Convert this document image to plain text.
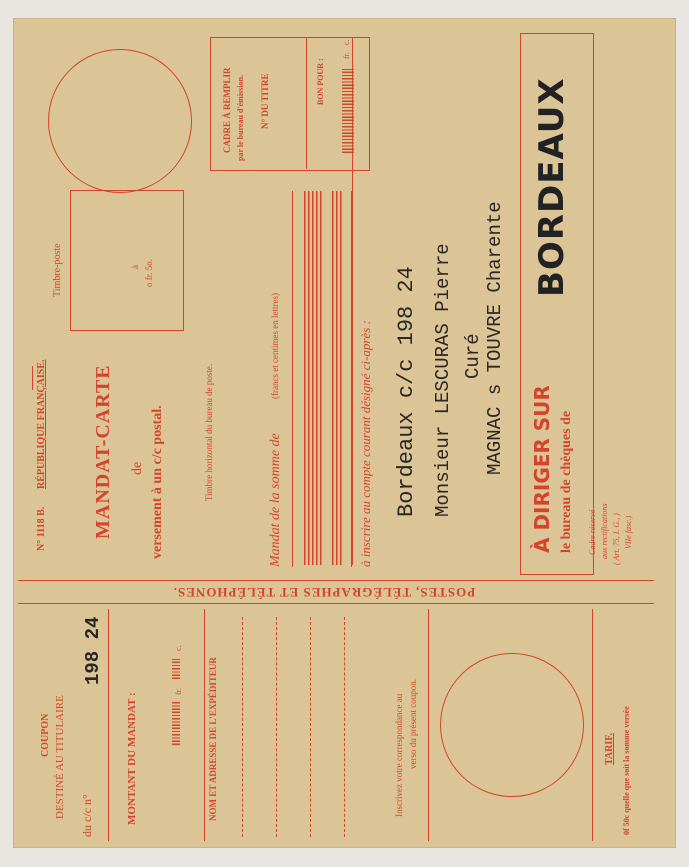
Timbre-poste	à o fr. 5o.
N° 1118 B.
RÉPUBLIQUE FRANÇAISE. MANDAT-CARTE de versement à un c/c postal.	Timbre horizontal du bureau de poste.	Mandat de la somme de
(francs et centimes en lettres)	à inscrire au compte courant désigné ci-après :
CADRE À REMPLIR par le bureau d'émission. N° DU TITRE	BON POUR :
fr.
c.
Bordeaux c/c 198 24 Monsieur LESCURAS Pierre Curé MAGNAC s TOUVRE Charente À DIRIGER SUR le bureau de chèques de
BORDEAUX
Cadre réservé aux rectifications ( Art. 75, I. G., ) VIIe fasc.)
POSTES, TÉLÉGRAPHES ET TÉLÉPHONES.
COUPON DESTINÉ AU TITULAIRE du c/c n°
198 24
MONTANT DU MANDAT :
fr.
c.
NOM ET ADRESSE DE L'EXPÉDITEUR	Inscrivez votre correspondance au verso du présent coupon.	TARIF. 0f 50c quelle que soit la somme versée
